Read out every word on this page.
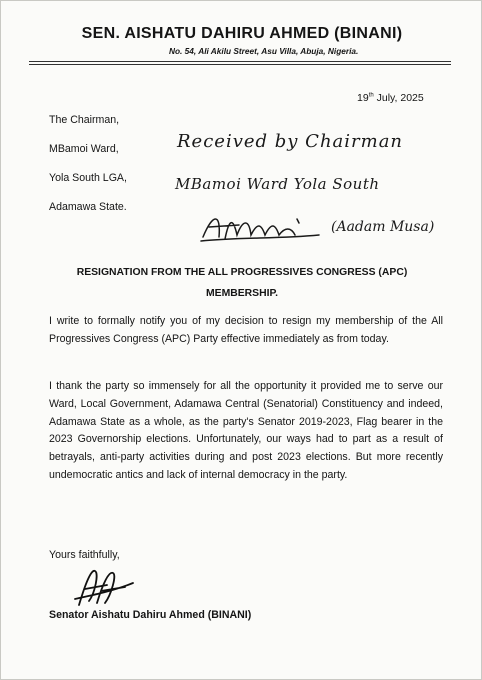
SEN. AISHATU DAHIRU AHMED (BINANI)
No. 54, Ali Akilu Street, Asu Villa, Abuja, Nigeria.
19th July, 2025
The Chairman,
MBamoi Ward,
Yola South LGA,
Adamawa State.
Received by Chairman
MBamoi Ward Yola South
(Aadam Musa)
RESIGNATION FROM THE ALL PROGRESSIVES CONGRESS (APC)
MEMBERSHIP.

I write to formally notify you of my decision to resign my membership of the All Progressives Congress (APC) Party effective immediately as from today.

I thank the party so immensely for all the opportunity it provided me to serve our Ward, Local Government, Adamawa Central (Senatorial) Constituency and indeed, Adamawa State as a whole, as the party's Senator 2019-2023, Flag bearer in the 2023 Governorship elections. Unfortunately, our ways had to part as a result of betrayals, anti-party activities during and post 2023 elections. But more recently undemocratic antics and lack of internal democracy in the party.

Yours faithfully,
Senator Aishatu Dahiru Ahmed (BINANI)
